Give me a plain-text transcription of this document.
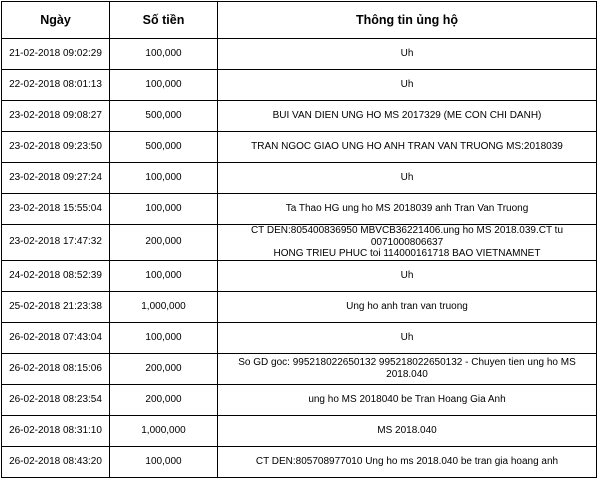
Ngày	Số tiền	Thông tin ủng hộ
21-02-2018 09:02:29	100,000	Uh
22-02-2018 08:01:13	100,000	Uh
23-02-2018 09:08:27	500,000	BUI VAN DIEN UNG HO MS 2017329 (ME CON CHI DANH)
23-02-2018 09:23:50	500,000	TRAN NGOC GIAO UNG HO ANH TRAN VAN TRUONG MS:2018039
23-02-2018 09:27:24	100,000	Uh
23-02-2018 15:55:04	100,000	Ta Thao HG ung ho MS 2018039 anh Tran Van Truong
23-02-2018 17:47:32	200,000	CT DEN:805400836950 MBVCB36221406.ung ho MS 2018.039.CT tu 0071000806637
HONG TRIEU PHUC toi 114000161718 BAO VIETNAMNET

24-02-2018 08:52:39	100,000	Uh
25-02-2018 21:23:38	1,000,000	Ung ho anh tran van truong
26-02-2018 07:43:04	100,000	Uh
26-02-2018 08:15:06	200,000	So GD goc: 995218022650132 995218022650132 - Chuyen tien ung ho MS 2018.040
26-02-2018 08:23:54	200,000	ung ho MS 2018040 be Tran Hoang Gia Anh
26-02-2018 08:31:10	1,000,000	MS 2018.040
26-02-2018 08:43:20	100,000	CT DEN:805708977010 Ung ho ms 2018.040 be tran gia hoang anh
